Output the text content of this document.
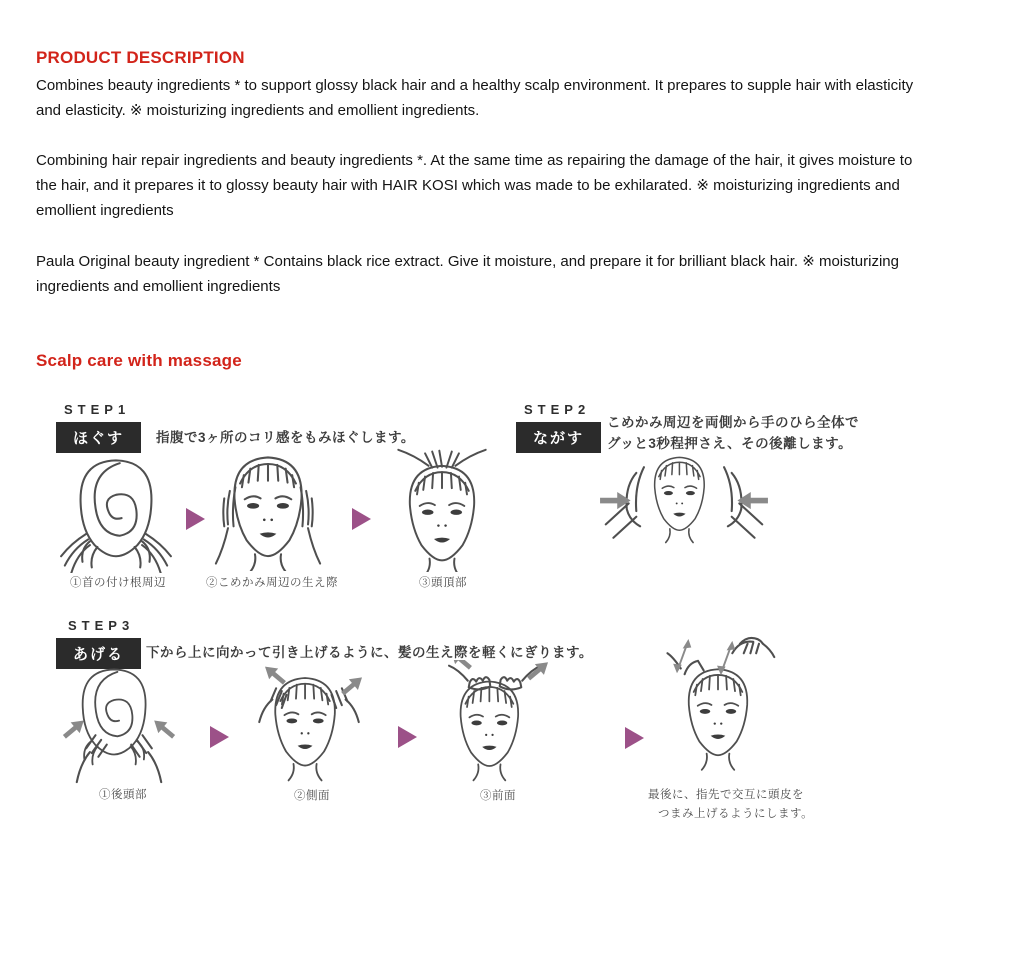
PRODUCT DESCRIPTION

Combines beauty ingredients * to support glossy black hair and a healthy scalp environment. It prepares to supple hair with elasticity and elasticity. ※ moisturizing ingredients and emollient ingredients.

Combining hair repair ingredients and beauty ingredients *. At the same time as repairing the damage of the hair, it gives moisture to the hair, and it prepares it to glossy beauty hair with HAIR KOSI which was made to be exhilarated. ※ moisturizing ingredients and emollient ingredients

Paula Original beauty ingredient * Contains black rice extract. Give it moisture, and prepare it for brilliant black hair. ※ moisturizing ingredients and emollient ingredients

Scalp care with massage
STEP1
ほぐす	指腹で3ヶ所のコリ感をもみほぐします。
①首の付け根周辺	②こめかみ周辺の生え際	③頭頂部
STEP2
ながす
こめかみ周辺を両側から手のひら全体で
グッと3秒程押さえ、その後離します。
STEP3
あげる	下から上に向かって引き上げるように、髪の生え際を軽くにぎります。
①後頭部	②側面	③前面	最後に、指先で交互に頭皮を
つまみ上げるようにします。
